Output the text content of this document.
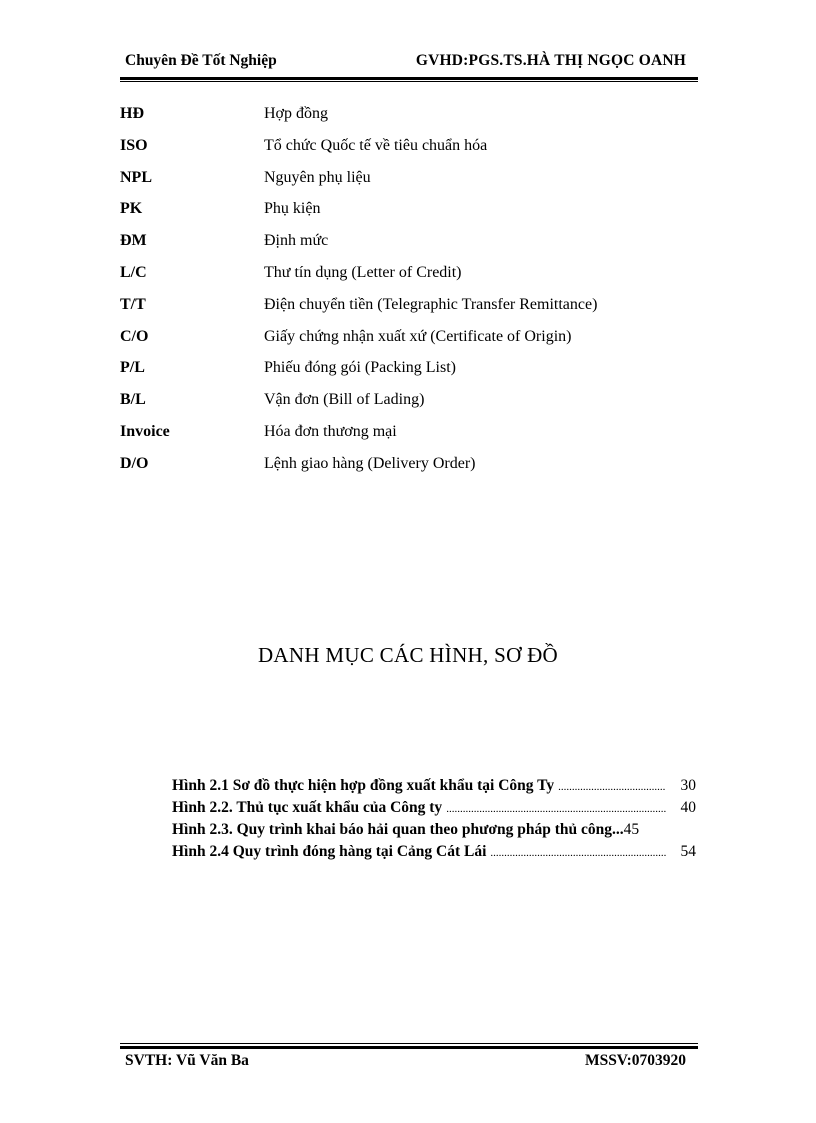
Chuyên Đề Tốt Nghiệp	GVHD:PGS.TS.HÀ THỊ NGỌC OANH
HĐ	Hợp đồng
ISO	Tổ chức Quốc tế về tiêu chuẩn hóa
NPL	Nguyên phụ liệu
PK	Phụ kiện
ĐM	Định mức
L/C	Thư tín dụng (Letter of Credit)
T/T	Điện chuyển tiền (Telegraphic Transfer Remittance)
C/O	Giấy chứng nhận xuất xứ (Certificate of Origin)
P/L	Phiếu đóng gói (Packing List)
B/L	Vận đơn (Bill of Lading)
Invoice	Hóa đơn thương mại
D/O	Lệnh giao hàng (Delivery Order)
DANH MỤC CÁC HÌNH, SƠ ĐỒ
Hình 2.1 Sơ đồ thực hiện hợp đồng xuất khẩu tại Công Ty .....	30
Hình 2.2. Thủ tục xuất khẩu của Công ty .....	40
Hình 2.3. Quy trình khai báo hải quan theo phương pháp thủ công... 45
Hình 2.4 Quy trình đóng hàng tại Cảng Cát Lái .....	54
SVTH: Vũ Văn Ba	MSSV:0703920
